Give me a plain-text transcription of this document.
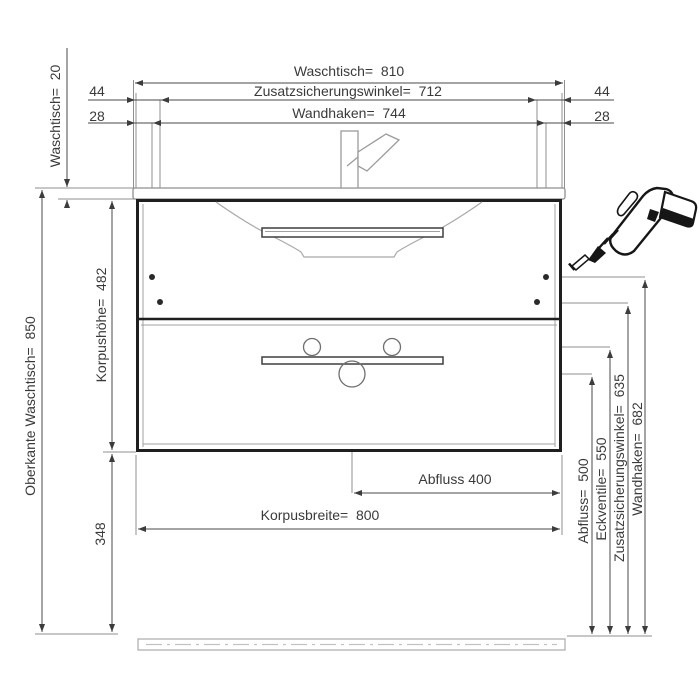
Waschtisch=  810
Zusatzsicherungswinkel=  712
Wandhaken=  744
44
28
44
28
Waschtisch=  20
Oberkante Waschtisch=  850	Korpushöhe=  482
348
Abfluss 400
Korpusbreite=  800	Abfluss=  500 Eckventile=  550 Zusatzsicherungswinkel=  635 Wandhaken=  682
